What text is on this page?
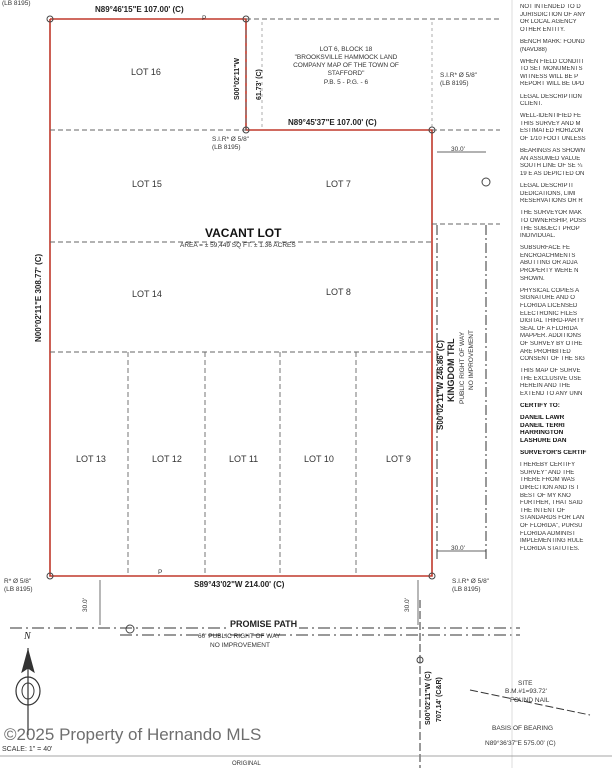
N89°46'15"E 107.00' (C)
(LB 8195)
P
LOT 6, BLOCK 18
"BROOKSVILLE HAMMOCK LAND
COMPANY MAP OF THE TOWN OF
STAFFORD"
P.B. 5 - P.G. - 6
S.I.R* Ø 5/8"
(LB 8195)
S00°02'11"W 61.73' (C)
N89°45'37"E 107.00' (C)
S.I.R* Ø 5/8"
(LB 8195)	30.0'
LOT 16
LOT 15	LOT 7
VACANT LOT
AREA = ± 59,449 SQ FT. ± 1.36 ACRES
LOT 14	LOT 8
LOT 13	LOT 12	LOT 11	LOT 10	LOT 9
N00°02'11"E 308.77' (C)
S00°02'11"W 246.86' (C) KINGDOM TRL PUBLIC RIGHT OF WAY NO IMPROVEMENT
30.0'
S89°43'02"W 214.00' (C)
P
R* Ø 5/8"
(LB 8195)
S.I.R* Ø 5/8"
(LB 8195)
30.0'	30.0'
PROMISE PATH
60' PUBLIC RIGHT OF WAY
NO IMPROVEMENT
N
S00°02'11"W (C) 707.14' (C&R)	SITE

B.M.#1=93.72'
FOUND NAIL
BASIS OF BEARING
N89°36'37"E 575.00' (C)
©2025 Property of Hernando MLS
SCALE: 1" = 40'
ORIGINAL
NOT INTENDED TO D
JURISDICTION OF ANY
OR LOCAL AGENCY
OTHER ENTITY.
BENCH MARK: FOUND
(NAVD88)
WHEN FIELD CONDITI
TO SET MONUMENTS
WITNESS WILL BE P
REPORT WILL BE UPD
LEGAL DESCRIPTION
CLIENT.
WELL-IDENTIFIED FE
THIS SURVEY AND M
ESTIMATED HORIZON
OF 1/10 FOOT UNLESS
BEARINGS AS SHOWN
AN ASSUMED VALUE
SOUTH LINE OF SE ¼
19 E AS DEPICTED ON
LEGAL DESCRIPTI
DEDICATIONS, LIMI
RESERVATIONS OR R
THE SURVEYOR MAK
TO OWNERSHIP, POSS
THE SUBJECT PROP
INDIVIDUAL.
SUBSURFACE FE
ENCROACHMENTS
ABUTTING OR ADJA
PROPERTY WERE N
SHOWN.
PHYSICAL COPIES A
SIGNATURE AND O
FLORIDA LICENSED
ELECTRONIC FILES
DIGITAL THIRD-PARTY
SEAL OF A FLORIDA
MAPPER. ADDITIONS
OF SURVEY BY OTHE
ARE PROHIBITED
CONSENT OF THE SIG
THIS MAP OF SURVE
THE EXCLUSIVE USE
HEREIN AND THE
EXTEND TO ANY UNN
CERTIFY TO:
DANEIL LAWR
DANEIL TERRI
HARRINGTON
LASHURE DAN
SURVEYOR'S CERTIF
I HEREBY CERTIFY
SURVEY" AND THE
THERE FROM WAS
DIRECTION AND IS T
BEST OF MY KNO
FURTHER, THAT SAID
THE INTENT OF
STANDARDS FOR LAN
OF FLORIDA", PURSU
FLORIDA ADMINIST
IMPLEMENTING RULE
FLORIDA STATUTES.
